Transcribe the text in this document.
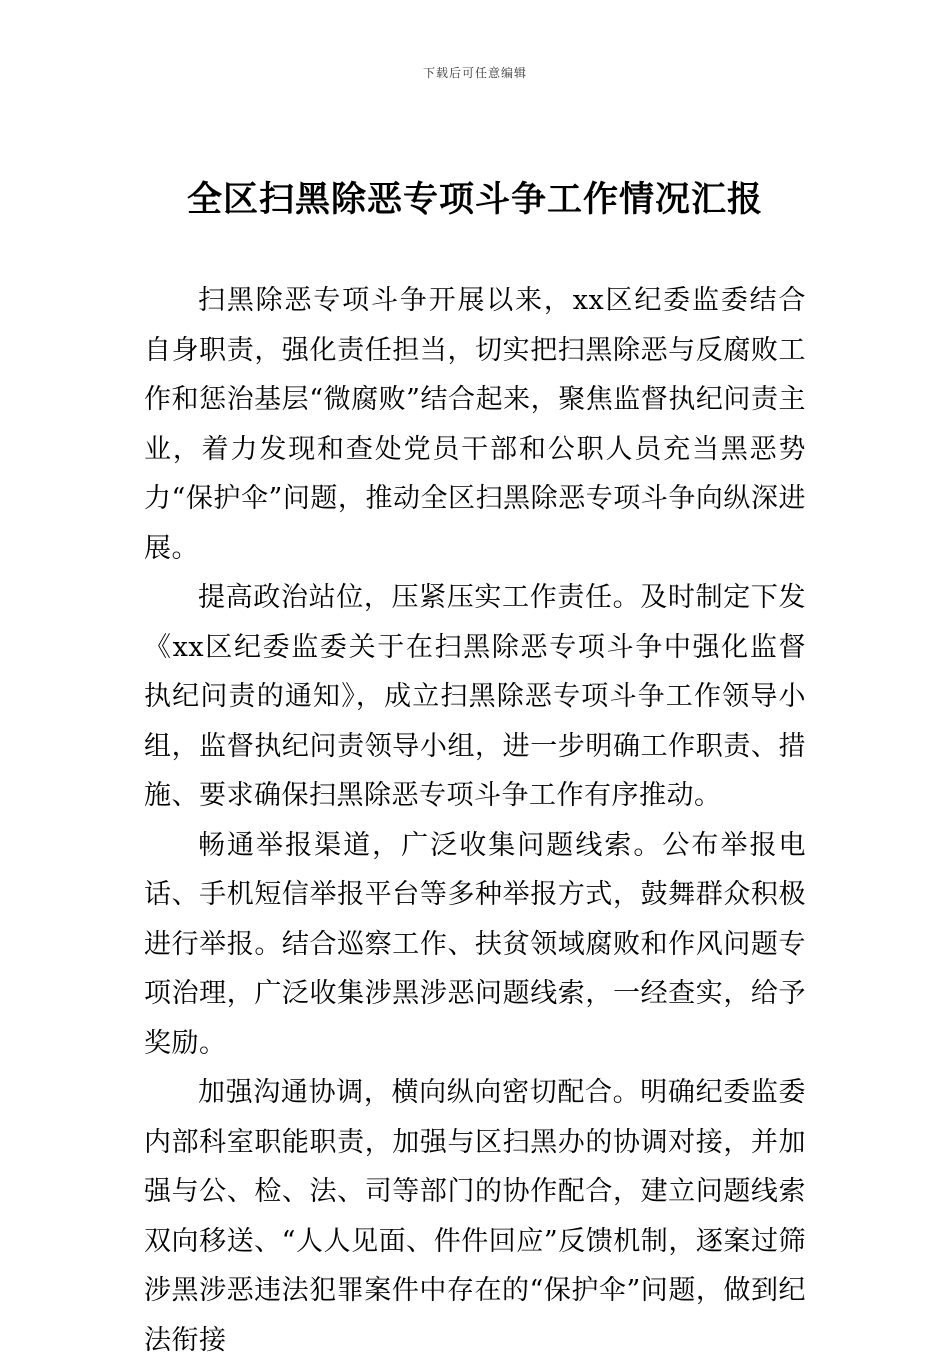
下载后可任意编辑
全区扫黑除恶专项斗争工作情况汇报

扫黑除恶专项斗争开展以来，xx区纪委监委结合自身职责，强化责任担当，切实把扫黑除恶与反腐败工作和惩治基层“微腐败”结合起来，聚焦监督执纪问责主业，着力发现和查处党员干部和公职人员充当黑恶势力“保护伞”问题，推动全区扫黑除恶专项斗争向纵深进展。

提高政治站位，压紧压实工作责任。及时制定下发《xx区纪委监委关于在扫黑除恶专项斗争中强化监督执纪问责的通知》，成立扫黑除恶专项斗争工作领导小组，监督执纪问责领导小组，进一步明确工作职责、措施、要求确保扫黑除恶专项斗争工作有序推动。

畅通举报渠道，广泛收集问题线索。公布举报电话、手机短信举报平台等多种举报方式，鼓舞群众积极进行举报。结合巡察工作、扶贫领域腐败和作风问题专项治理，广泛收集涉黑涉恶问题线索，一经查实，给予奖励。

加强沟通协调，横向纵向密切配合。明确纪委监委内部科室职能职责，加强与区扫黑办的协调对接，并加强与公、检、法、司等部门的协作配合，建立问题线索双向移送、“人人见面、件件回应”反馈机制，逐案过筛涉黑涉恶违法犯罪案件中存在的“保护伞”问题，做到纪法衔接
